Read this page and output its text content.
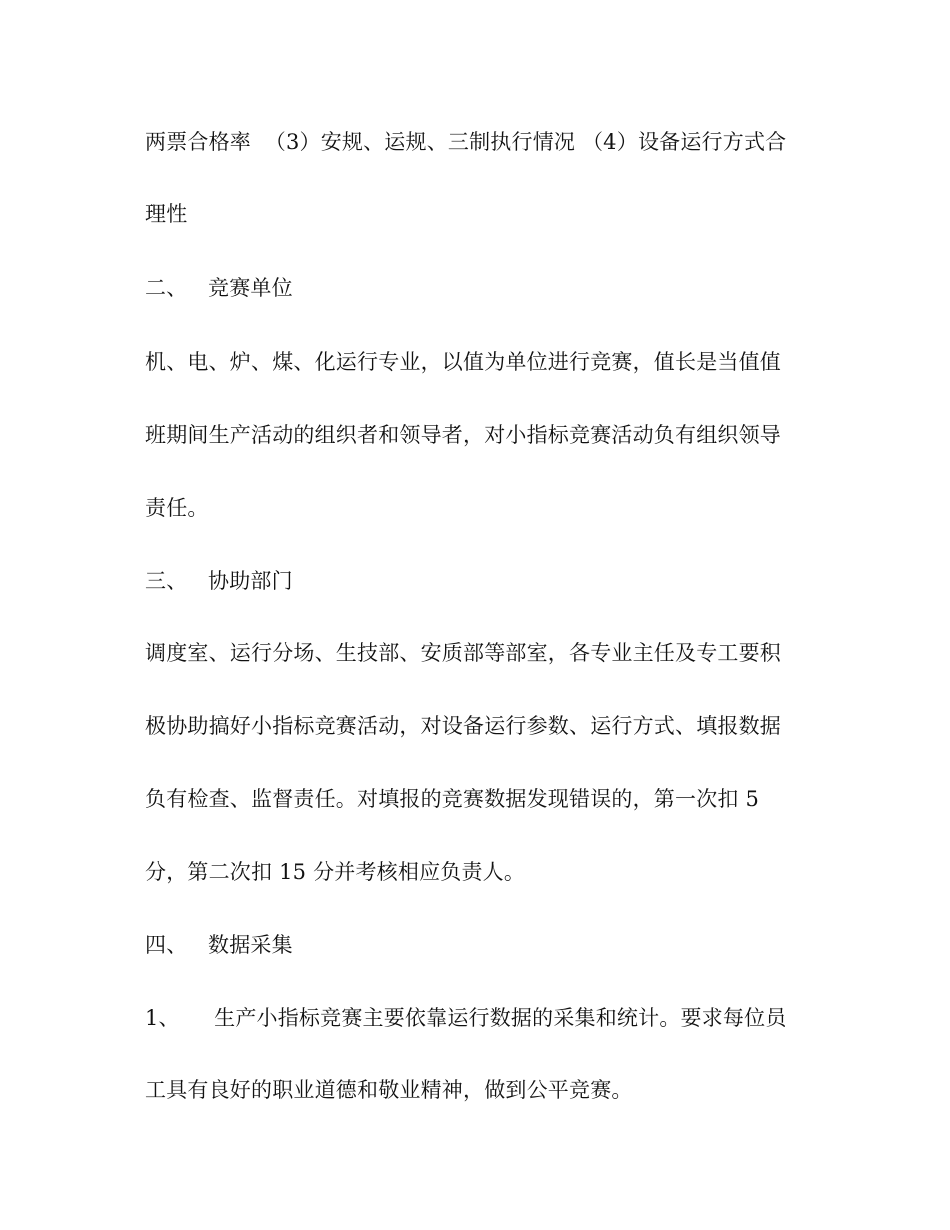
两票合格率  （3）安规、运规、三制执行情况 （4）设备运行方式合
理性
二、   竞赛单位
机、电、炉、煤、化运行专业，以值为单位进行竞赛，值长是当值值
班期间生产活动的组织者和领导者，对小指标竞赛活动负有组织领导
责任。
三、   协助部门
调度室、运行分场、生技部、安质部等部室，各专业主任及专工要积
极协助搞好小指标竞赛活动，对设备运行参数、运行方式、填报数据
负有检查、监督责任。对填报的竞赛数据发现错误的，第一次扣 5
分，第二次扣 15 分并考核相应负责人。
四、   数据采集
1、     生产小指标竞赛主要依靠运行数据的采集和统计。要求每位员
工具有良好的职业道德和敬业精神，做到公平竞赛。
